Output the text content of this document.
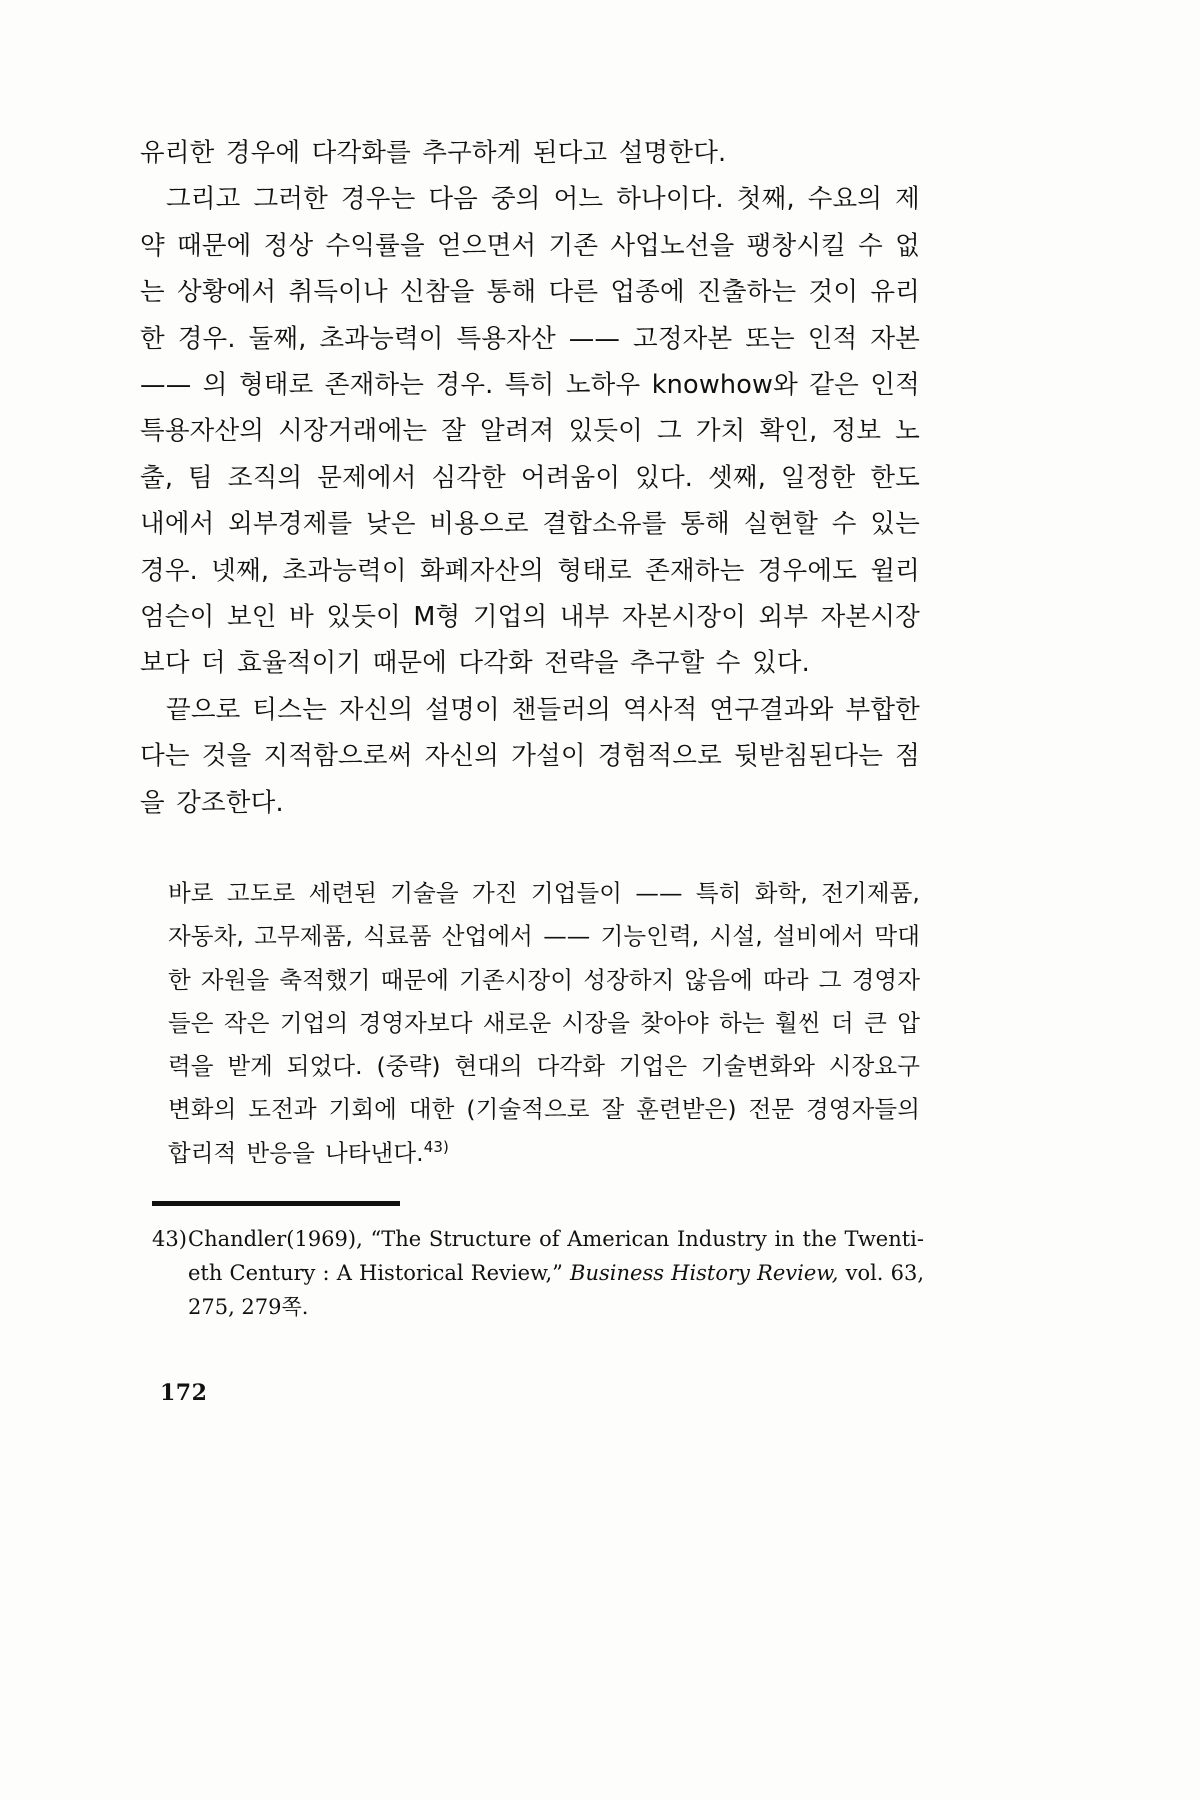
유리한 경우에 다각화를 추구하게 된다고 설명한다.

그리고 그러한 경우는 다음 중의 어느 하나이다. 첫째, 수요의 제약 때문에 정상 수익률을 얻으면서 기존 사업노선을 팽창시킬 수 없는 상황에서 취득이나 신참을 통해 다른 업종에 진출하는 것이 유리한 경우. 둘째, 초과능력이 특용자산 —— 고정자본 또는 인적 자본 —— 의 형태로 존재하는 경우. 특히 노하우 knowhow와 같은 인적 특용자산의 시장거래에는 잘 알려져 있듯이 그 가치 확인, 정보 노출, 팀 조직의 문제에서 심각한 어려움이 있다. 셋째, 일정한 한도 내에서 외부경제를 낮은 비용으로 결합소유를 통해 실현할 수 있는 경우. 넷째, 초과능력이 화폐자산의 형태로 존재하는 경우에도 윌리엄슨이 보인 바 있듯이 M형 기업의 내부 자본시장이 외부 자본시장보다 더 효율적이기 때문에 다각화 전략을 추구할 수 있다.

끝으로 티스는 자신의 설명이 챈들러의 역사적 연구결과와 부합한다는 것을 지적함으로써 자신의 가설이 경험적으로 뒷받침된다는 점을 강조한다.

바로 고도로 세련된 기술을 가진 기업들이 —— 특히 화학, 전기제품, 자동차, 고무제품, 식료품 산업에서 —— 기능인력, 시설, 설비에서 막대한 자원을 축적했기 때문에 기존시장이 성장하지 않음에 따라 그 경영자들은 작은 기업의 경영자보다 새로운 시장을 찾아야 하는 훨씬 더 큰 압력을 받게 되었다. (중략) 현대의 다각화 기업은 기술변화와 시장요구 변화의 도전과 기회에 대한 (기술적으로 잘 훈련받은) 전문 경영자들의 합리적 반응을 나타낸다.$^{43)}$

43) Chandler(1969), “The Structure of American Industry in the Twenti-eth Century : A Historical Review,” Business History Review, vol. 63, 275, 279쪽.
172
